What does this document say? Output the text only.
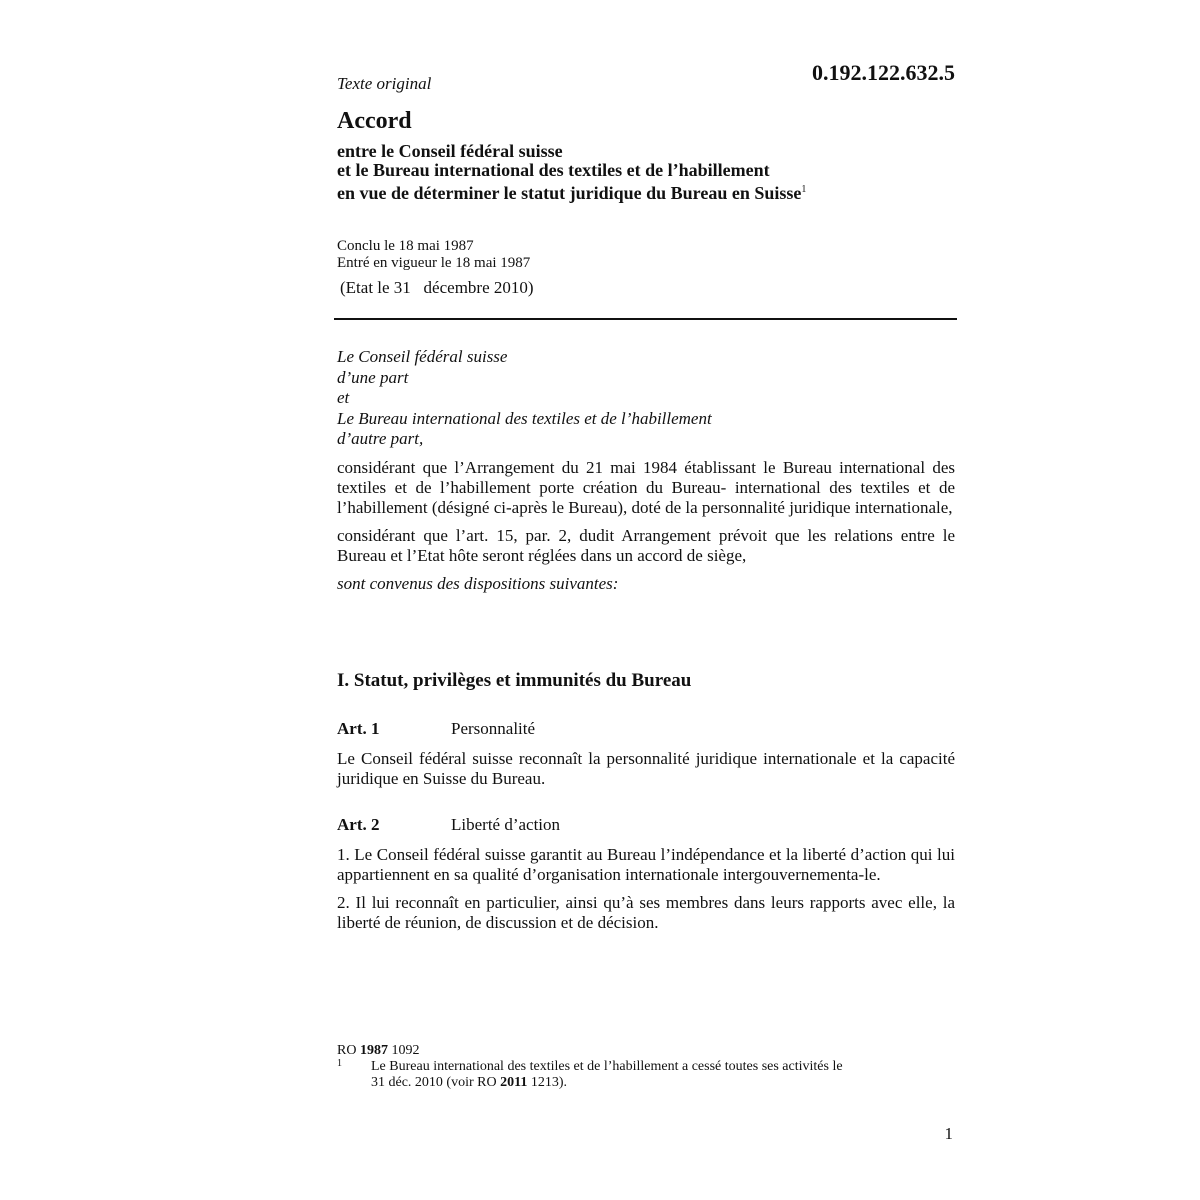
Texte original	0.192.122.632.5
Accord
entre le Conseil fédéral suisse
et le Bureau international des textiles et de l’habillement
en vue de déterminer le statut juridique du Bureau en Suisse$^1$
Conclu le 18 mai 1987
Entré en vigueur le 18 mai 1987
(Etat le 31   décembre 2010)
Le Conseil fédéral suisse
d’une part
et
Le Bureau international des textiles et de l’habillement
d’autre part,

considérant que l’Arrangement du 21 mai 1984 établissant le Bureau international des textiles et de l’habillement porte création du Bureau- international des textiles et de l’habillement (désigné ci-après le Bureau), doté de la personnalité juridique internationale,

considérant que l’art. 15, par. 2, dudit Arrangement prévoit que les relations entre le Bureau et l’Etat hôte seront réglées dans un accord de siège,

sont convenus des dispositions suivantes:
I. Statut, privilèges et immunités du Bureau
Art. 1	Personnalité

Le Conseil fédéral suisse reconnaît la personnalité juridique internationale et la capacité juridique en Suisse du Bureau.

Art. 2	Liberté d’action

1. Le Conseil fédéral suisse garantit au Bureau l’indépendance et la liberté d’action qui lui appartiennent en sa qualité d’organisation internationale intergouvernementa-le.

2. Il lui reconnaît en particulier, ainsi qu’à ses membres dans leurs rapports avec elle, la liberté de réunion, de discussion et de décision.

RO 1987 1092
1 Le Bureau international des textiles et de l’habillement a cessé toutes ses activités le
31 déc. 2010 (voir RO 2011 1213).
1
